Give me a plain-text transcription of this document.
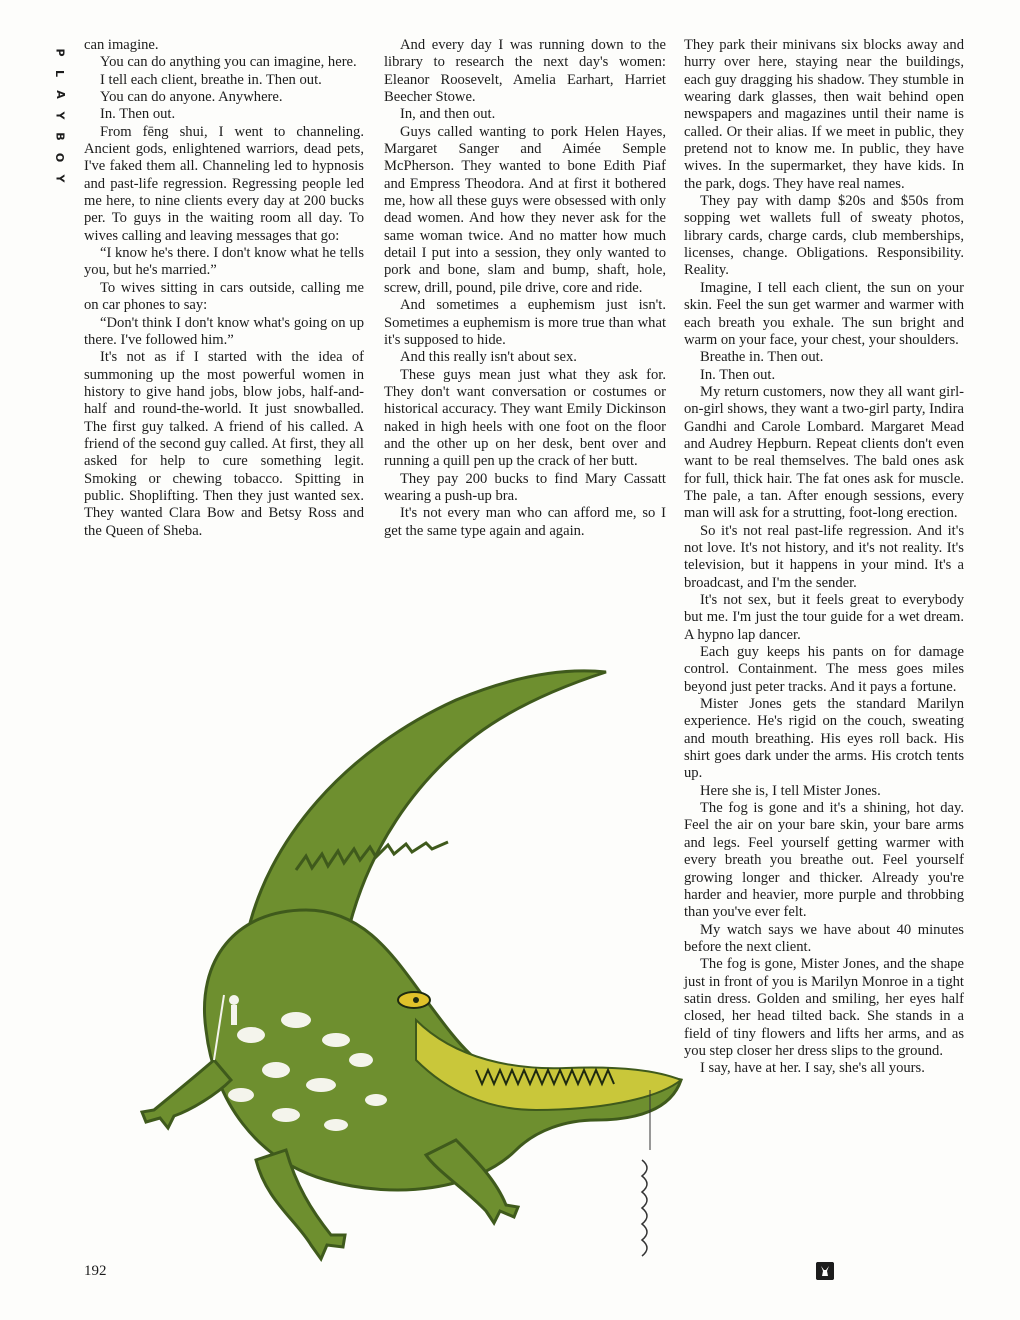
P
L
A
Y
B
O
Y

can imagine.

You can do anything you can imagine, here.

I tell each client, breathe in. Then out.

You can do anyone. Anywhere.

In. Then out.

From fēng shui, I went to channeling. Ancient gods, enlightened warriors, dead pets, I've faked them all. Channeling led to hypnosis and past-life regression. Regressing people led me here, to nine clients every day at 200 bucks per. To guys in the waiting room all day. To wives calling and leaving messages that go:

“I know he's there. I don't know what he tells you, but he's married.”

To wives sitting in cars outside, calling me on car phones to say:

“Don't think I don't know what's going on up there. I've followed him.”

It's not as if I started with the idea of summoning up the most powerful women in history to give hand jobs, blow jobs, half-and-half and round-the-world. It just snowballed. The first guy talked. A friend of his called. A friend of the second guy called. At first, they all asked for help to cure something legit. Smoking or chewing tobacco. Spitting in public. Shoplifting. Then they just wanted sex. They wanted Clara Bow and Betsy Ross and the Queen of Sheba.

And every day I was running down to the library to research the next day's women: Eleanor Roosevelt, Amelia Earhart, Harriet Beecher Stowe.

In, and then out.

Guys called wanting to pork Helen Hayes, Margaret Sanger and Aimée Semple McPherson. They wanted to bone Edith Piaf and Empress Theodora. And at first it bothered me, how all these guys were obsessed with only dead women. And how they never ask for the same woman twice. And no matter how much detail I put into a session, they only wanted to pork and bone, slam and bump, shaft, hole, screw, drill, pound, pile drive, core and ride.

And sometimes a euphemism just isn't. Sometimes a euphemism is more true than what it's supposed to hide.

And this really isn't about sex.

These guys mean just what they ask for. They don't want conversation or costumes or historical accuracy. They want Emily Dickinson naked in high heels with one foot on the floor and the other up on her desk, bent over and running a quill pen up the crack of her butt.

They pay 200 bucks to find Mary Cassatt wearing a push-up bra.

It's not every man who can afford me, so I get the same type again and again.

They park their minivans six blocks away and hurry over here, staying near the buildings, each guy dragging his shadow. They stumble in wearing dark glasses, then wait behind open newspapers and magazines until their name is called. Or their alias. If we meet in public, they pretend not to know me. In public, they have wives. In the supermarket, they have kids. In the park, dogs. They have real names.

They pay with damp $20s and $50s from sopping wet wallets full of sweaty photos, library cards, charge cards, club memberships, licenses, change. Obligations. Responsibility. Reality.

Imagine, I tell each client, the sun on your skin. Feel the sun get warmer and warmer with each breath you exhale. The sun bright and warm on your face, your chest, your shoulders.

Breathe in. Then out.

In. Then out.

My return customers, now they all want girl-on-girl shows, they want a two-girl party, Indira Gandhi and Carole Lombard. Margaret Mead and Audrey Hepburn. Repeat clients don't even want to be real themselves. The bald ones ask for full, thick hair. The fat ones ask for muscle. The pale, a tan. After enough sessions, every man will ask for a strutting, foot-long erection.

So it's not real past-life regression. And it's not love. It's not history, and it's not reality. It's television, but it happens in your mind. It's a broadcast, and I'm the sender.

It's not sex, but it feels great to everybody but me. I'm just the tour guide for a wet dream. A hypno lap dancer.

Each guy keeps his pants on for damage control. Containment. The mess goes miles beyond just peter tracks. And it pays a fortune.

Mister Jones gets the standard Marilyn experience. He's rigid on the couch, sweating and mouth breathing. His eyes roll back. His shirt goes dark under the arms. His crotch tents up.

Here she is, I tell Mister Jones.

The fog is gone and it's a shining, hot day. Feel the air on your bare skin, your bare arms and legs. Feel yourself getting warmer with every breath you breathe out. Feel yourself growing longer and thicker. Already you're harder and heavier, more purple and throbbing than you've ever felt.

My watch says we have about 40 minutes before the next client.

The fog is gone, Mister Jones, and the shape just in front of you is Marilyn Monroe in a tight satin dress. Golden and smiling, her eyes half closed, her head tilted back. She stands in a field of tiny flowers and lifts her arms, and as you step closer her dress slips to the ground.

I say, have at her. I say, she's all yours.

192
